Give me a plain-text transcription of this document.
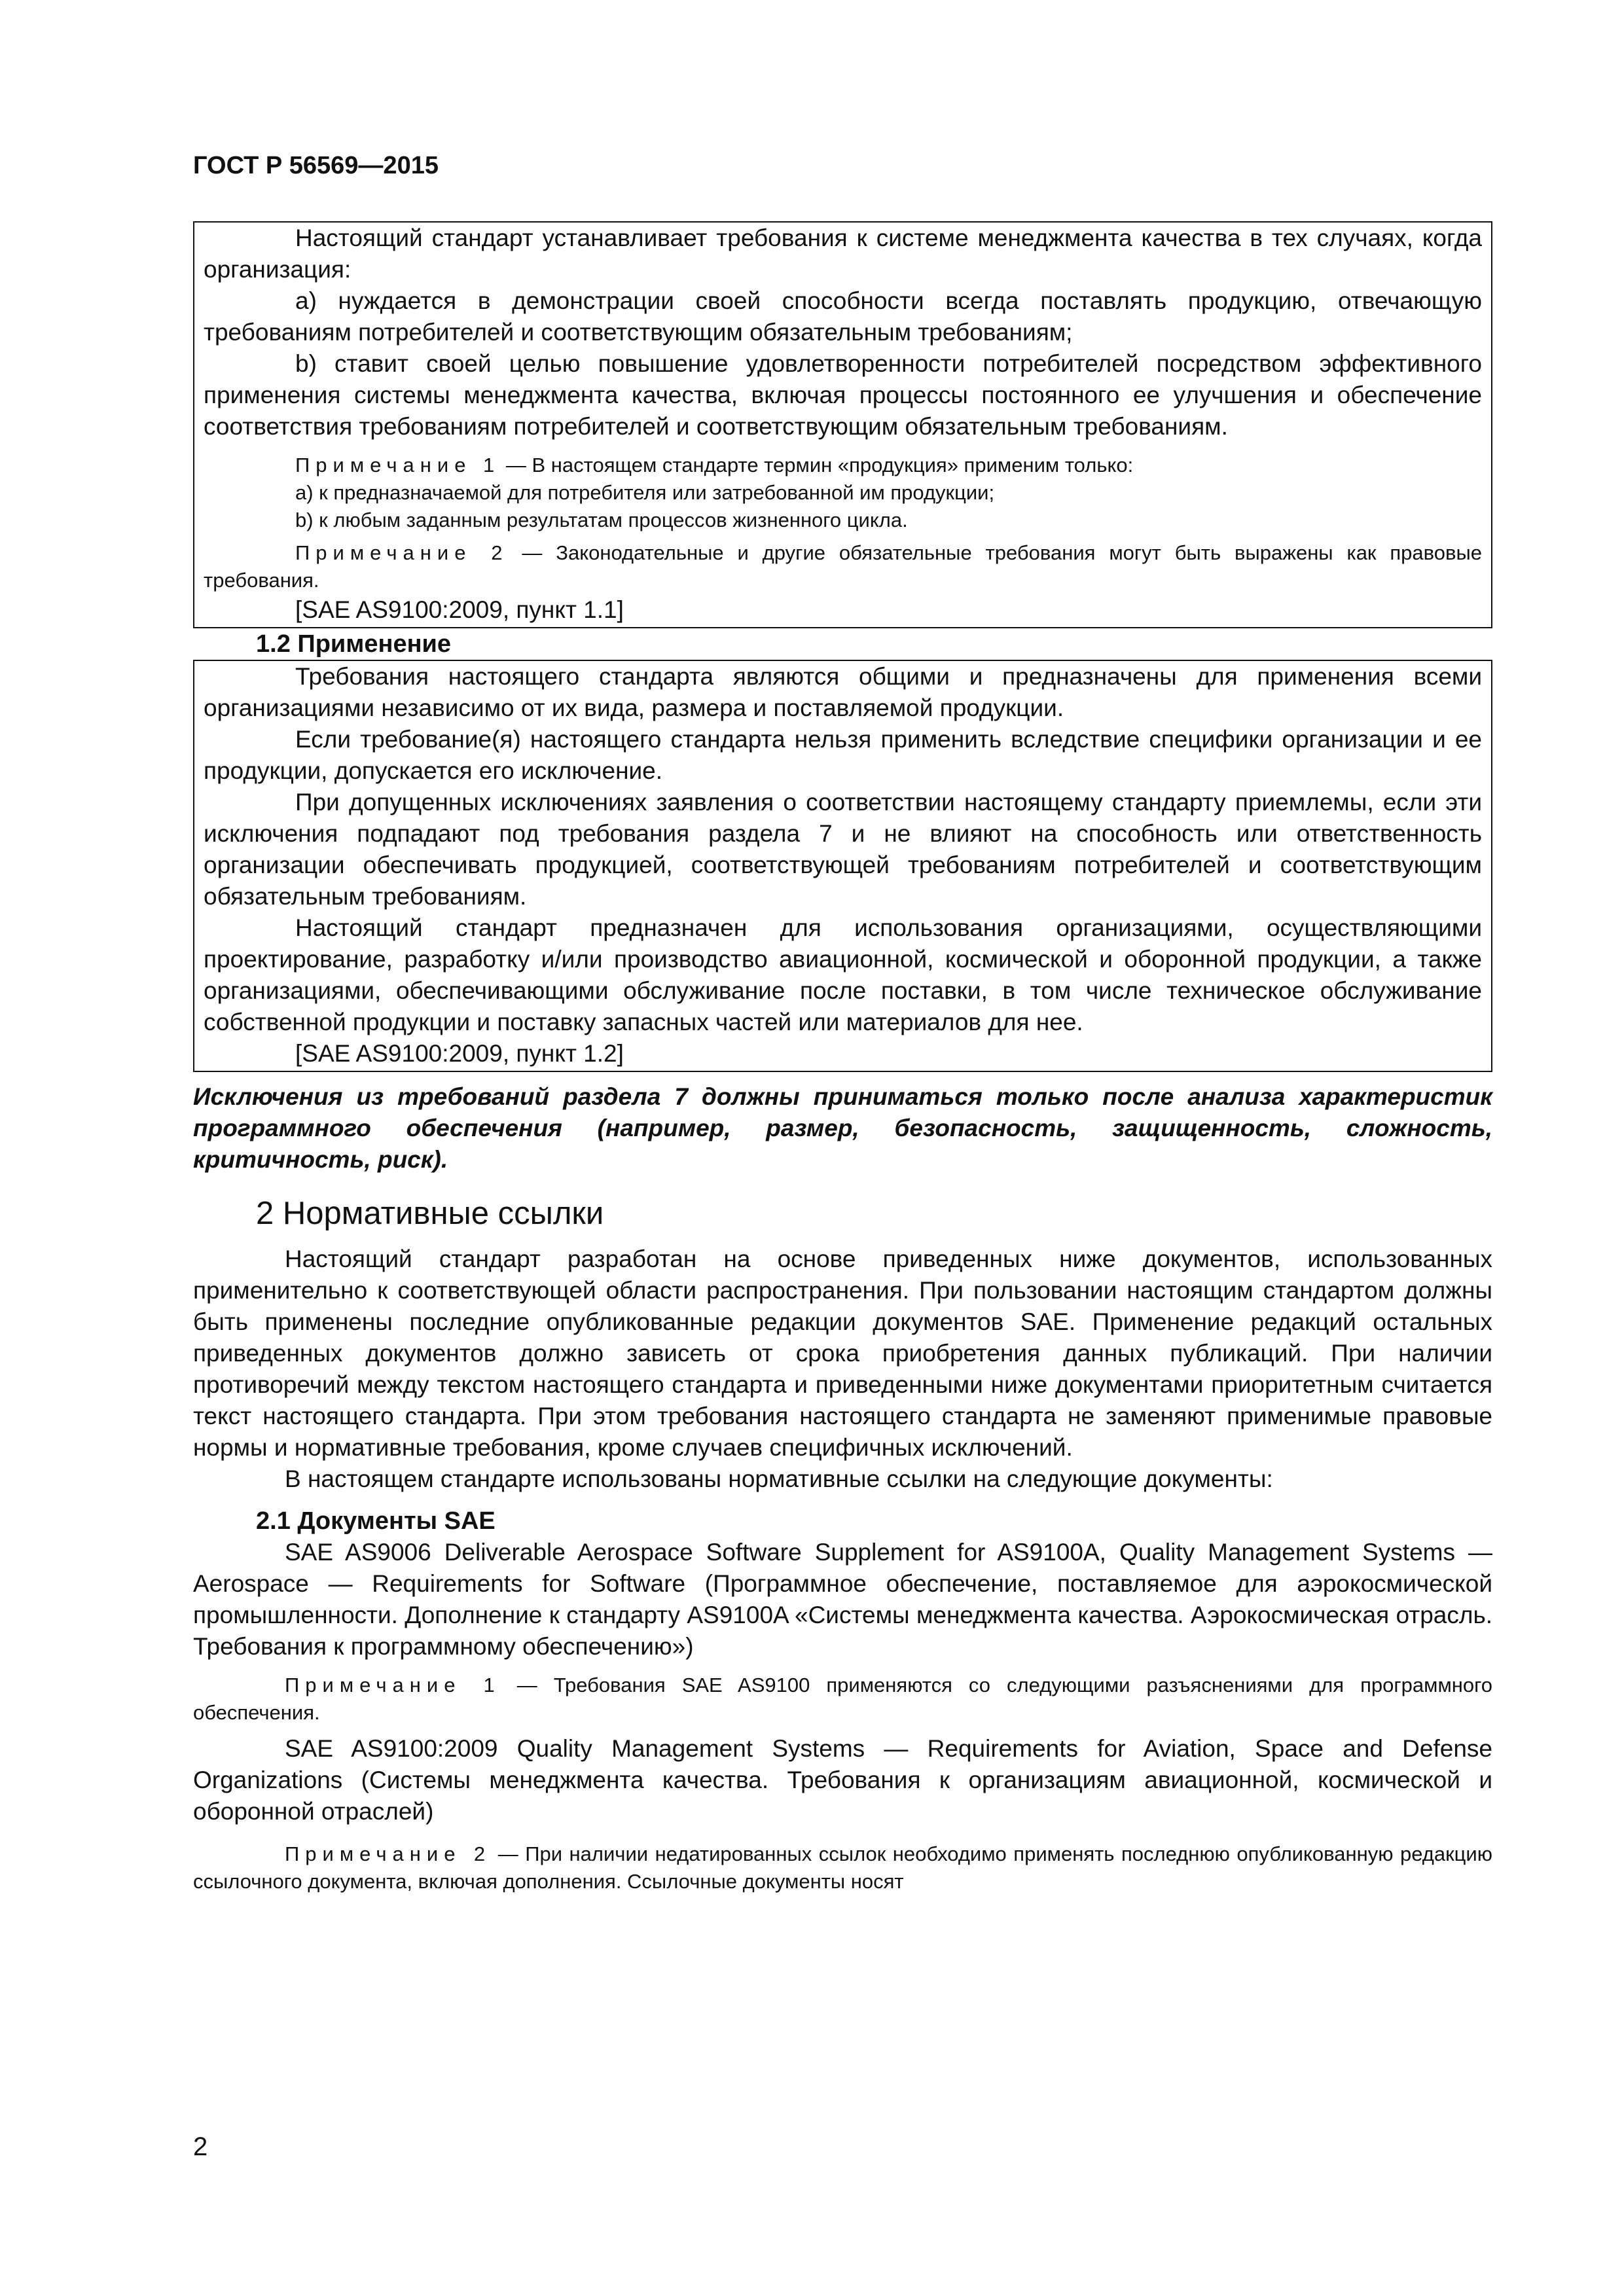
ГОСТ Р 56569—2015

Настоящий стандарт устанавливает требования к системе менеджмента качества в тех случаях, когда организация:

а) нуждается в демонстрации своей способности всегда поставлять продукцию, отвечающую требованиям потребителей и соответствующим обязательным требованиям;

b) ставит своей целью повышение удовлетворенности потребителей посредством эффективного применения системы менеджмента качества, включая процессы постоянного ее улучшения и обеспечение соответствия требованиям потребителей и соответствующим обязательным требованиям.

Примечание 1 — В настоящем стандарте термин «продукция» применим только:

а) к предназначаемой для потребителя или затребованной им продукции;

b) к любым заданным результатам процессов жизненного цикла.

Примечание 2 — Законодательные и другие обязательные требования могут быть выражены как правовые требования.

[SAE AS9100:2009, пункт 1.1]

1.2 Применение

Требования настоящего стандарта являются общими и предназначены для применения всеми организациями независимо от их вида, размера и поставляемой продукции.

Если требование(я) настоящего стандарта нельзя применить вследствие специфики организации и ее продукции, допускается его исключение.

При допущенных исключениях заявления о соответствии настоящему стандарту приемлемы, если эти исключения подпадают под требования раздела 7 и не влияют на способность или ответственность организации обеспечивать продукцией, соответствующей требованиям потребителей и соответствующим обязательным требованиям.

Настоящий стандарт предназначен для использования организациями, осуществляющими проектирование, разработку и/или производство авиационной, космической и оборонной продукции, а также организациями, обеспечивающими обслуживание после поставки, в том числе техническое обслуживание собственной продукции и поставку запасных частей или материалов для нее.

[SAE AS9100:2009, пункт 1.2]

Исключения из требований раздела 7 должны приниматься только после анализа характеристик программного обеспечения (например, размер, безопасность, защищенность, сложность, критичность, риск).

2 Нормативные ссылки

Настоящий стандарт разработан на основе приведенных ниже документов, использованных применительно к соответствующей области распространения. При пользовании настоящим стандартом должны быть применены последние опубликованные редакции документов SAE. Применение редакций остальных приведенных документов должно зависеть от срока приобретения данных публикаций. При наличии противоречий между текстом настоящего стандарта и приведенными ниже документами приоритетным считается текст настоящего стандарта. При этом требования настоящего стандарта не заменяют применимые правовые нормы и нормативные требования, кроме случаев специфичных исключений.

В настоящем стандарте использованы нормативные ссылки на следующие документы:

2.1 Документы SAE

SAE AS9006 Deliverable Aerospace Software Supplement for AS9100A, Quality Management Systems — Aerospace — Requirements for Software (Программное обеспечение, поставляемое для аэрокосмической промышленности. Дополнение к стандарту AS9100A «Системы менеджмента качества. Аэрокосмическая отрасль. Требования к программному обеспечению»)

Примечание 1 — Требования SAE AS9100 применяются со следующими разъяснениями для программного обеспечения.

SAE AS9100:2009 Quality Management Systems — Requirements for Aviation, Space and Defense Organizations (Системы менеджмента качества. Требования к организациям авиационной, космической и оборонной отраслей)

Примечание 2 — При наличии недатированных ссылок необходимо применять последнюю опубликованную редакцию ссылочного документа, включая дополнения. Ссылочные документы носят

2
